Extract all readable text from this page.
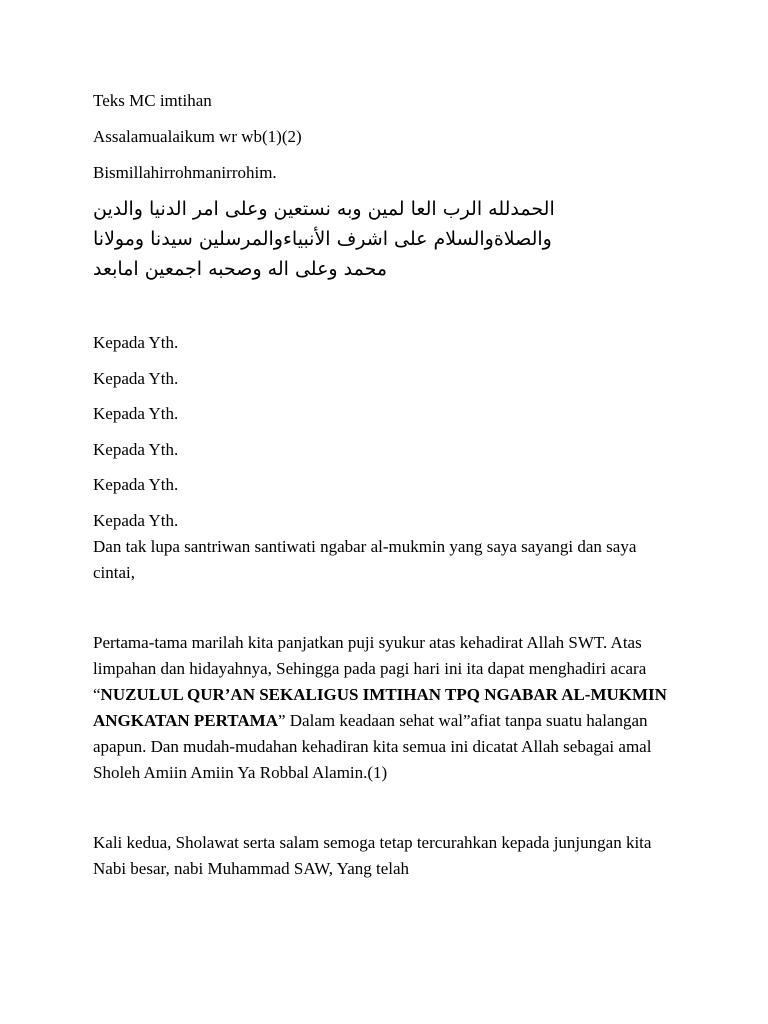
Teks MC imtihan

Assalamualaikum wr wb(1)(2)

Bismillahirrohmanirrohim.

الحمدلله الرب العا لمين وبه نستعين وعلى امر الدنيا والدين
والصلاةوالسلام على اشرف الأنبياءوالمرسلين سيدنا ومولانا
محمد وعلى اله وصحبه اجمعين امابعد
Kepada Yth.
Kepada Yth.
Kepada Yth.
Kepada Yth.
Kepada Yth.
Kepada Yth.

Dan tak lupa santriwan santiwati ngabar al-mukmin yang saya sayangi dan saya cintai,

Pertama-tama marilah kita panjatkan puji syukur atas kehadirat Allah SWT. Atas limpahan dan hidayahnya, Sehingga pada pagi hari ini ita dapat menghadiri acara “NUZULUL QUR’AN SEKALIGUS IMTIHAN TPQ NGABAR AL-MUKMIN ANGKATAN PERTAMA” Dalam keadaan sehat wal”afiat tanpa suatu halangan apapun. Dan mudah-mudahan kehadiran kita semua ini dicatat Allah sebagai amal Sholeh Amiin Amiin Ya Robbal Alamin.(1)

Kali kedua, Sholawat serta salam semoga tetap tercurahkan kepada junjungan kita Nabi besar, nabi Muhammad SAW, Yang telah
